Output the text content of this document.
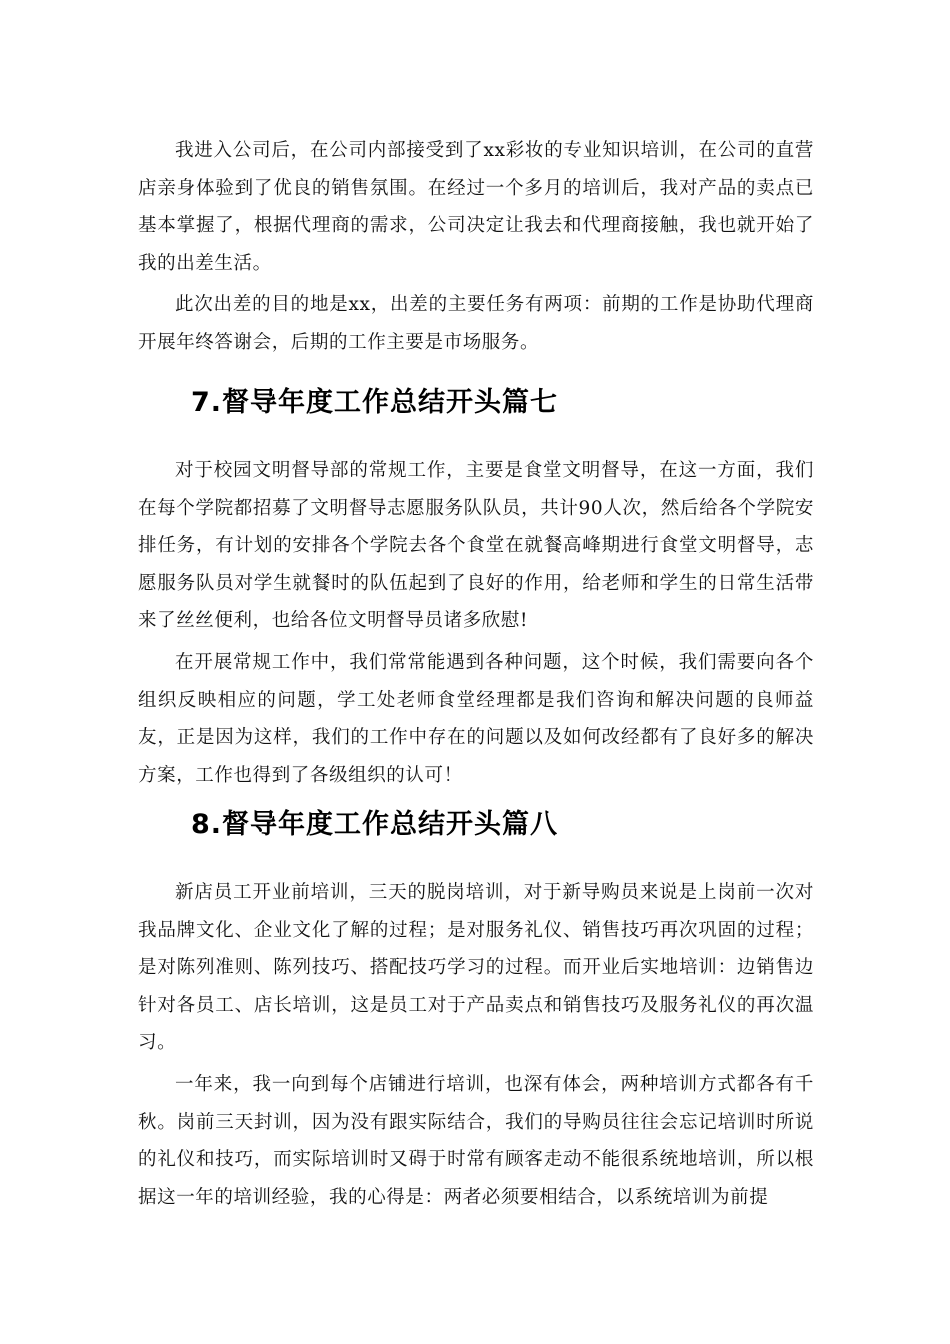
我进入公司后，在公司内部接受到了xx彩妆的专业知识培训，在公司的直营店亲身体验到了优良的销售氛围。在经过一个多月的培训后，我对产品的卖点已基本掌握了，根据代理商的需求，公司决定让我去和代理商接触，我也就开始了我的出差生活。

此次出差的目的地是xx，出差的主要任务有两项：前期的工作是协助代理商开展年终答谢会，后期的工作主要是市场服务。

7.督导年度工作总结开头篇七

对于校园文明督导部的常规工作，主要是食堂文明督导，在这一方面，我们在每个学院都招募了文明督导志愿服务队队员，共计90人次，然后给各个学院安排任务，有计划的安排各个学院去各个食堂在就餐高峰期进行食堂文明督导，志愿服务队员对学生就餐时的队伍起到了良好的作用，给老师和学生的日常生活带来了丝丝便利，也给各位文明督导员诸多欣慰!

在开展常规工作中，我们常常能遇到各种问题，这个时候，我们需要向各个组织反映相应的问题，学工处老师食堂经理都是我们咨询和解决问题的良师益友，正是因为这样，我们的工作中存在的问题以及如何改经都有了良好多的解决方案，工作也得到了各级组织的认可！

8.督导年度工作总结开头篇八

新店员工开业前培训，三天的脱岗培训，对于新导购员来说是上岗前一次对我品牌文化、企业文化了解的过程；是对服务礼仪、销售技巧再次巩固的过程；是对陈列准则、陈列技巧、搭配技巧学习的过程。而开业后实地培训：边销售边针对各员工、店长培训，这是员工对于产品卖点和销售技巧及服务礼仪的再次温习。

一年来，我一向到每个店铺进行培训，也深有体会，两种培训方式都各有千秋。岗前三天封训，因为没有跟实际结合，我们的导购员往往会忘记培训时所说的礼仪和技巧，而实际培训时又碍于时常有顾客走动不能很系统地培训，所以根据这一年的培训经验，我的心得是：两者必须要相结合，以系统培训为前提
